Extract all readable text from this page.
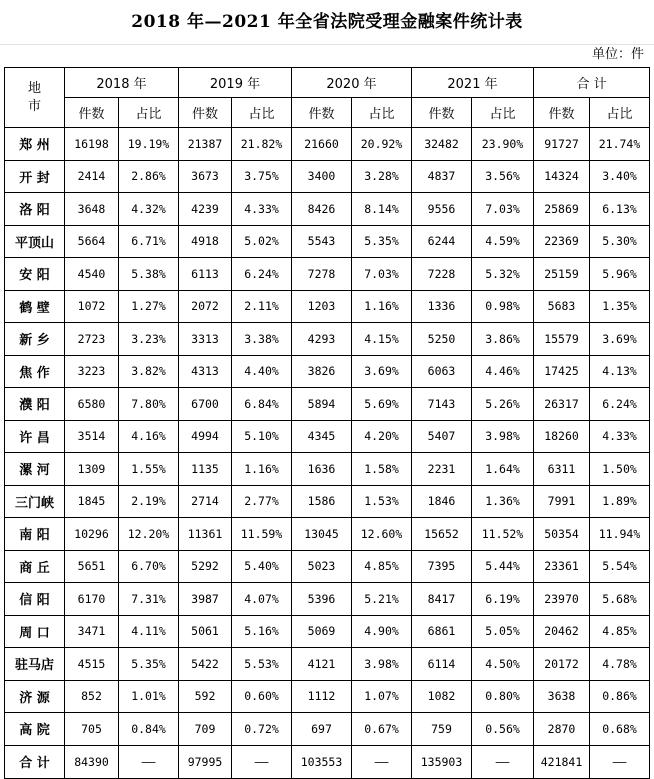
2018 年—2021 年全省法院受理金融案件统计表
单位：件
地
市	2018 年		2019 年		2020 年		2021 年		合 计	
	件数	占比	件数	占比	件数	占比	件数	占比	件数	占比
郑 州	16198	19.19%	21387	21.82%	21660	20.92%	32482	23.90%	91727	21.74%
开 封	2414	2.86%	3673	3.75%	3400	3.28%	4837	3.56%	14324	3.40%
洛 阳	3648	4.32%	4239	4.33%	8426	8.14%	9556	7.03%	25869	6.13%
平顶山	5664	6.71%	4918	5.02%	5543	5.35%	6244	4.59%	22369	5.30%
安 阳	4540	5.38%	6113	6.24%	7278	7.03%	7228	5.32%	25159	5.96%
鹤 壁	1072	1.27%	2072	2.11%	1203	1.16%	1336	0.98%	5683	1.35%
新 乡	2723	3.23%	3313	3.38%	4293	4.15%	5250	3.86%	15579	3.69%
焦 作	3223	3.82%	4313	4.40%	3826	3.69%	6063	4.46%	17425	4.13%
濮 阳	6580	7.80%	6700	6.84%	5894	5.69%	7143	5.26%	26317	6.24%
许 昌	3514	4.16%	4994	5.10%	4345	4.20%	5407	3.98%	18260	4.33%
漯 河	1309	1.55%	1135	1.16%	1636	1.58%	2231	1.64%	6311	1.50%
三门峡	1845	2.19%	2714	2.77%	1586	1.53%	1846	1.36%	7991	1.89%
南 阳	10296	12.20%	11361	11.59%	13045	12.60%	15652	11.52%	50354	11.94%
商 丘	5651	6.70%	5292	5.40%	5023	4.85%	7395	5.44%	23361	5.54%
信 阳	6170	7.31%	3987	4.07%	5396	5.21%	8417	6.19%	23970	5.68%
周 口	3471	4.11%	5061	5.16%	5069	4.90%	6861	5.05%	20462	4.85%
驻马店	4515	5.35%	5422	5.53%	4121	3.98%	6114	4.50%	20172	4.78%
济 源	852	1.01%	592	0.60%	1112	1.07%	1082	0.80%	3638	0.86%
高 院	705	0.84%	709	0.72%	697	0.67%	759	0.56%	2870	0.68%
合 计	84390	——	97995	——	103553	——	135903	——	421841	——
